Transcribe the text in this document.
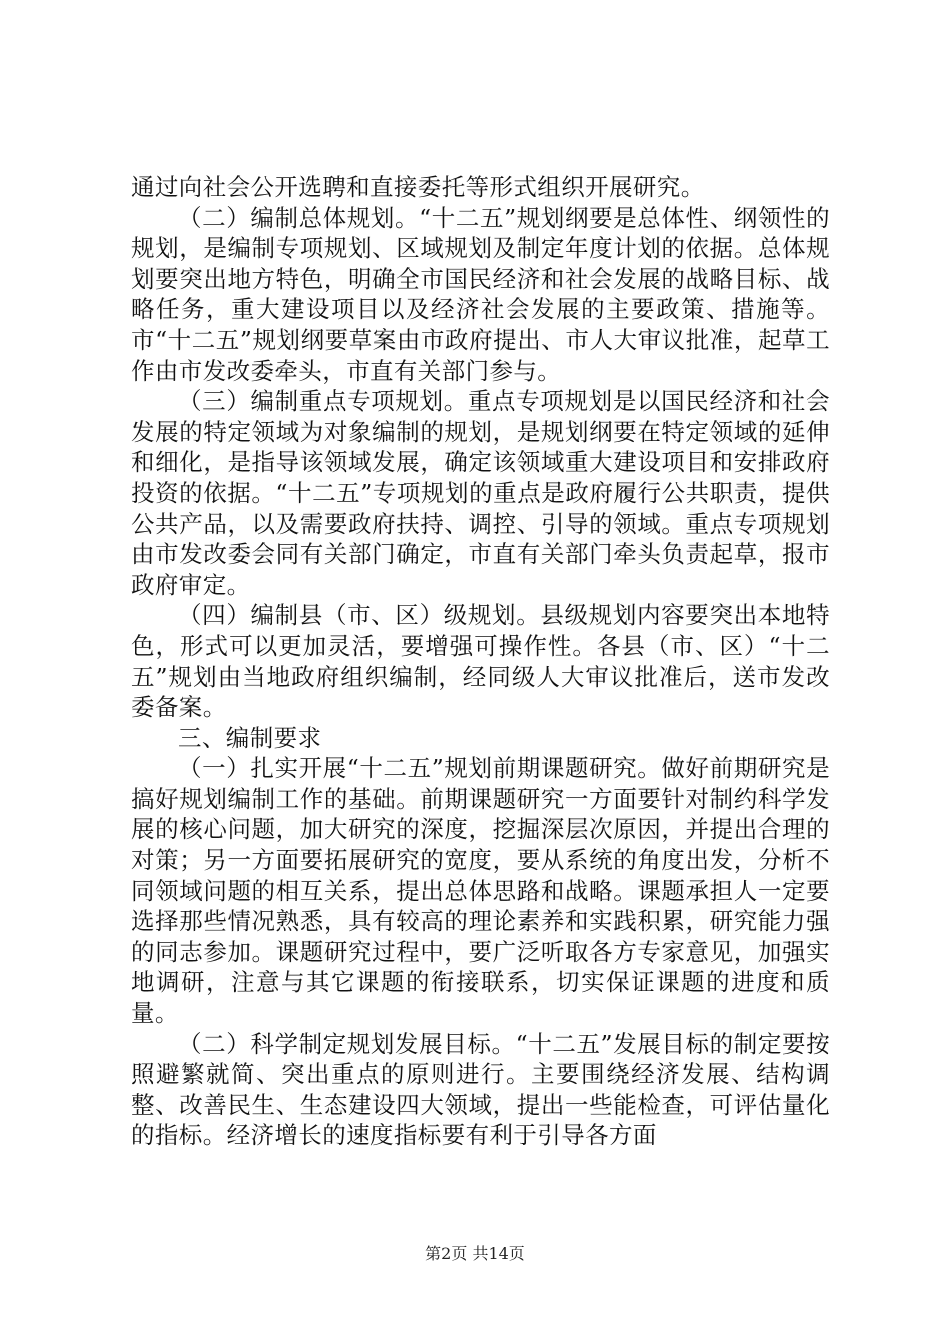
通过向社会公开选聘和直接委托等形式组织开展研究。

（二）编制总体规划。“十二五”规划纲要是总体性、纲领性的规划，是编制专项规划、区域规划及制定年度计划的依据。总体规划要突出地方特色，明确全市国民经济和社会发展的战略目标、战略任务，重大建设项目以及经济社会发展的主要政策、措施等。市“十二五”规划纲要草案由市政府提出、市人大审议批准，起草工作由市发改委牵头，市直有关部门参与。

（三）编制重点专项规划。重点专项规划是以国民经济和社会发展的特定领域为对象编制的规划，是规划纲要在特定领域的延伸和细化，是指导该领域发展，确定该领域重大建设项目和安排政府投资的依据。“十二五”专项规划的重点是政府履行公共职责，提供公共产品，以及需要政府扶持、调控、引导的领域。重点专项规划由市发改委会同有关部门确定，市直有关部门牵头负责起草，报市政府审定。

（四）编制县（市、区）级规划。县级规划内容要突出本地特色，形式可以更加灵活，要增强可操作性。各县（市、区）“十二五”规划由当地政府组织编制，经同级人大审议批准后，送市发改委备案。

三、编制要求

（一）扎实开展“十二五”规划前期课题研究。做好前期研究是搞好规划编制工作的基础。前期课题研究一方面要针对制约科学发展的核心问题，加大研究的深度，挖掘深层次原因，并提出合理的对策；另一方面要拓展研究的宽度，要从系统的角度出发，分析不同领域问题的相互关系，提出总体思路和战略。课题承担人一定要选择那些情况熟悉，具有较高的理论素养和实践积累，研究能力强的同志参加。课题研究过程中，要广泛听取各方专家意见，加强实地调研，注意与其它课题的衔接联系，切实保证课题的进度和质量。

（二）科学制定规划发展目标。“十二五”发展目标的制定要按照避繁就简、突出重点的原则进行。主要围绕经济发展、结构调整、改善民生、生态建设四大领域，提出一些能检查，可评估量化的指标。经济增长的速度指标要有利于引导各方面

第2页 共14页
